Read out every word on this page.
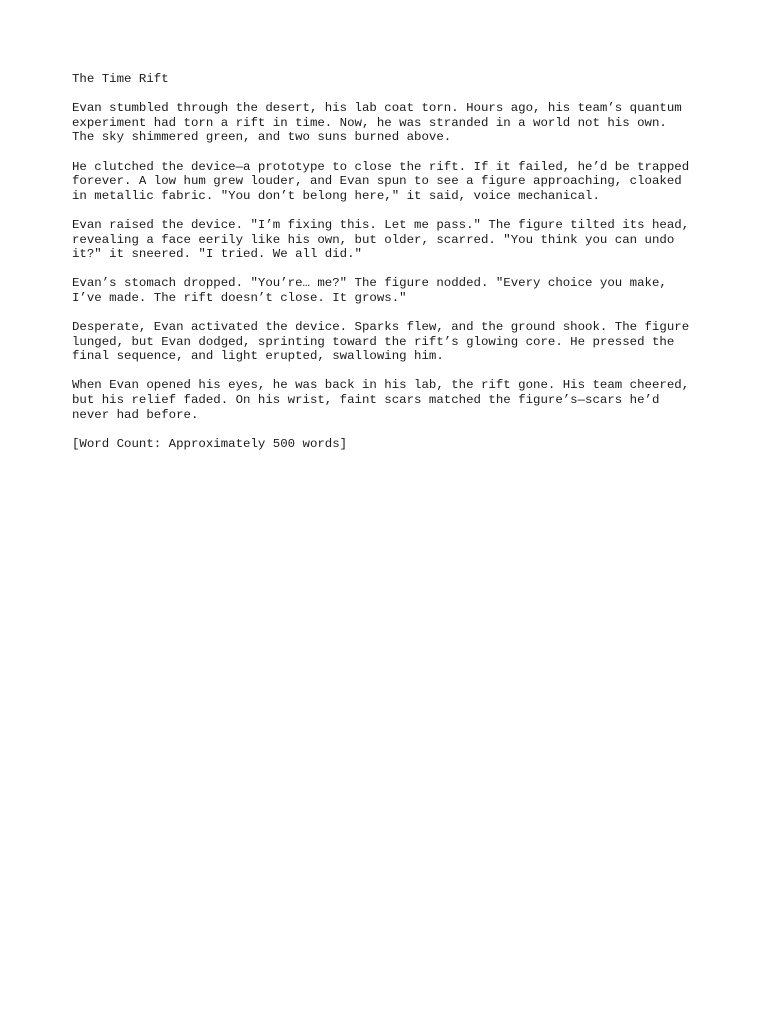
The Time Rift
Evan stumbled through the desert, his lab coat torn. Hours ago, his team’s quantum
experiment had torn a rift in time. Now, he was stranded in a world not his own.
The sky shimmered green, and two suns burned above.
He clutched the device—a prototype to close the rift. If it failed, he’d be trapped
forever. A low hum grew louder, and Evan spun to see a figure approaching, cloaked
in metallic fabric. "You don’t belong here," it said, voice mechanical.
Evan raised the device. "I’m fixing this. Let me pass." The figure tilted its head,
revealing a face eerily like his own, but older, scarred. "You think you can undo
it?" it sneered. "I tried. We all did."
Evan’s stomach dropped. "You’re… me?" The figure nodded. "Every choice you make,
I’ve made. The rift doesn’t close. It grows."
Desperate, Evan activated the device. Sparks flew, and the ground shook. The figure
lunged, but Evan dodged, sprinting toward the rift’s glowing core. He pressed the
final sequence, and light erupted, swallowing him.
When Evan opened his eyes, he was back in his lab, the rift gone. His team cheered,
but his relief faded. On his wrist, faint scars matched the figure’s—scars he’d
never had before.
[Word Count: Approximately 500 words]
